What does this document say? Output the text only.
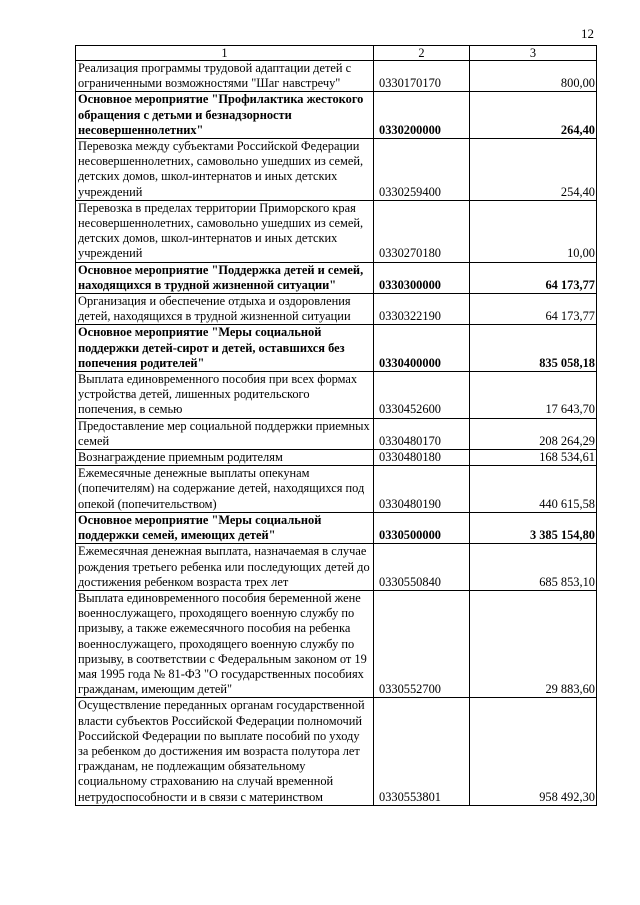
12
1	2	3
Реализация программы трудовой адаптации детей с ограниченными возможностями "Шаг навстречу"	0330170170	800,00
Основное мероприятие "Профилактика жестокого обращения с детьми и безнадзорности несовершеннолетних"	0330200000	264,40
Перевозка между субъектами Российской Федерации несовершеннолетних, самовольно ушедших из семей, детских домов, школ-интернатов и иных детских учреждений	0330259400	254,40
Перевозка в пределах территории Приморского края несовершеннолетних, самовольно ушедших из семей, детских домов, школ-интернатов и иных детских учреждений	0330270180	10,00
Основное мероприятие "Поддержка детей и семей, находящихся в трудной жизненной ситуации"	0330300000	64 173,77
Организация и обеспечение отдыха и оздоровления детей, находящихся в трудной жизненной ситуации	0330322190	64 173,77
Основное мероприятие "Меры социальной поддержки детей-сирот и детей, оставшихся без попечения родителей"	0330400000	835 058,18
Выплата единовременного пособия при всех формах устройства детей, лишенных родительского попечения, в семью	0330452600	17 643,70
Предоставление мер социальной поддержки приемных семей	0330480170	208 264,29
Вознаграждение приемным родителям	0330480180	168 534,61
Ежемесячные денежные выплаты опекунам (попечителям) на содержание детей, находящихся под опекой (попечительством)	0330480190	440 615,58
Основное мероприятие "Меры социальной поддержки семей, имеющих детей"	0330500000	3 385 154,80
Ежемесячная денежная выплата, назначаемая в случае рождения третьего ребенка или последующих детей до достижения ребенком возраста трех лет	0330550840	685 853,10
Выплата единовременного пособия беременной жене военнослужащего, проходящего военную службу по призыву, а также ежемесячного пособия на ребенка военнослужащего, проходящего военную службу по призыву, в соответствии с Федеральным законом от 19 мая 1995 года № 81-ФЗ "О государственных пособиях гражданам, имеющим детей"	0330552700	29 883,60
Осуществление переданных органам государственной власти субъектов Российской Федерации полномочий Российской Федерации по выплате пособий по уходу за ребенком до достижения им возраста полутора лет гражданам, не подлежащим обязательному социальному страхованию на случай временной нетрудоспособности и в связи с материнством	0330553801	958 492,30
